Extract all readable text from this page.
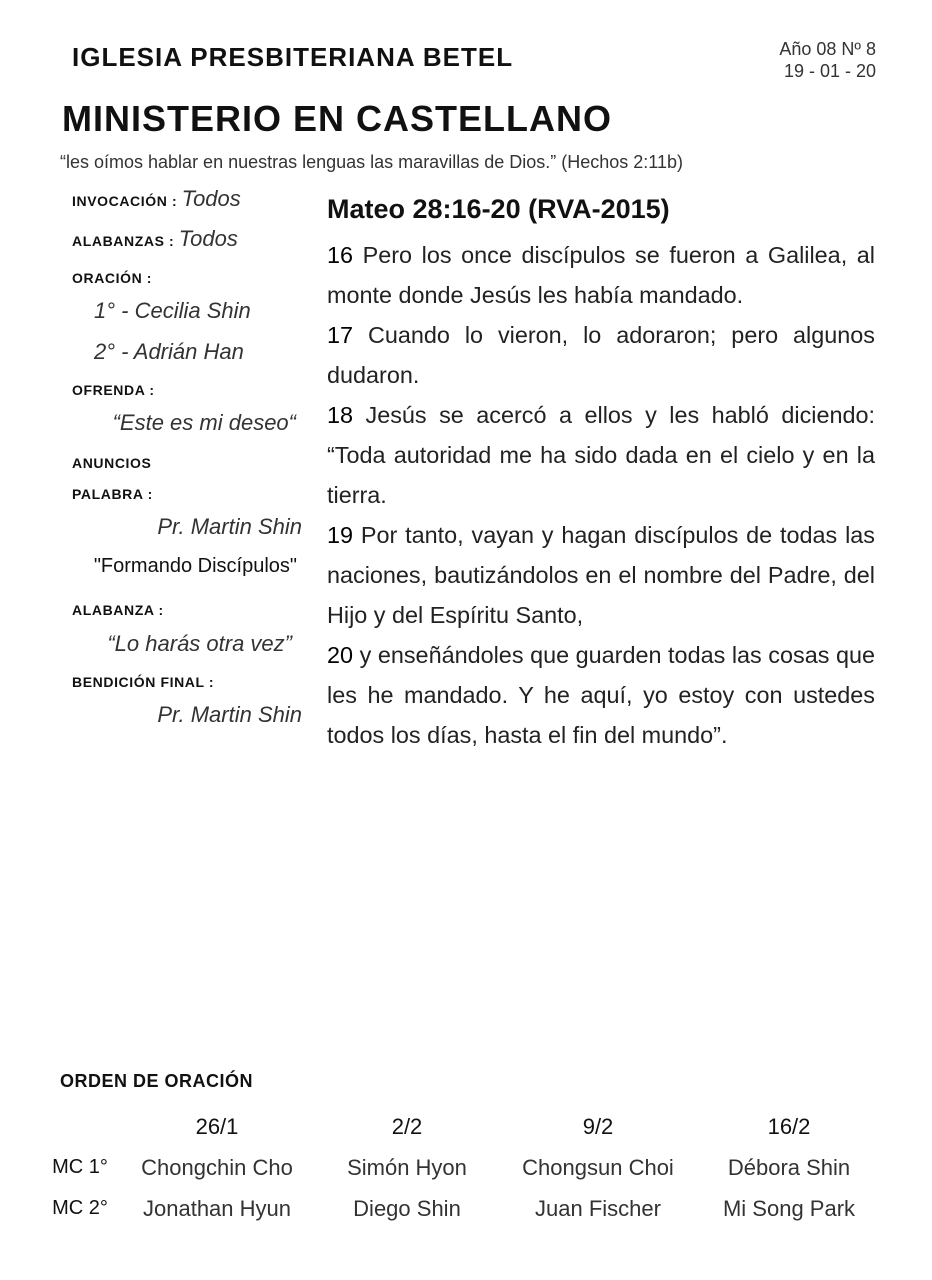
IGLESIA PRESBITERIANA BETEL	Año 08 Nº 8
19 - 01 - 20
MINISTERIO EN CASTELLANO
“les oímos hablar en nuestras lenguas las maravillas de Dios.” (Hechos 2:11b)
INVOCACIÓN : Todos
ALABANZAS : Todos
ORACIÓN :
1° - Cecilia Shin
2° - Adrián Han
OFRENDA :
“Este es mi deseo“
ANUNCIOS
PALABRA :
Pr. Martin Shin
"Formando Discípulos"
ALABANZA :
“Lo harás otra vez”
BENDICIÓN FINAL :
Pr. Martin Shin
Mateo 28:16-20 (RVA-2015)

16 Pero los once discípulos se fueron a Galilea, al monte donde Jesús les había mandado.

17 Cuando lo vieron, lo adoraron; pero algunos dudaron.

18 Jesús se acercó a ellos y les habló diciendo: “Toda autoridad me ha sido dada en el cielo y en la tierra.

19 Por tanto, vayan y hagan discípulos de todas las naciones, bautizándolos en el nombre del Padre, del Hijo y del Espíritu Santo,

20 y enseñándoles que guarden todas las cosas que les he mandado. Y he aquí, yo estoy con ustedes todos los días, hasta el fin del mundo”.

ORDEN DE ORACIÓN
	26/1	2/2	9/2	16/2
MC 1°	Chongchin Cho	Simón Hyon	Chongsun Choi	Débora Shin
MC 2°	Jonathan Hyun	Diego Shin	Juan Fischer	Mi Song Park
